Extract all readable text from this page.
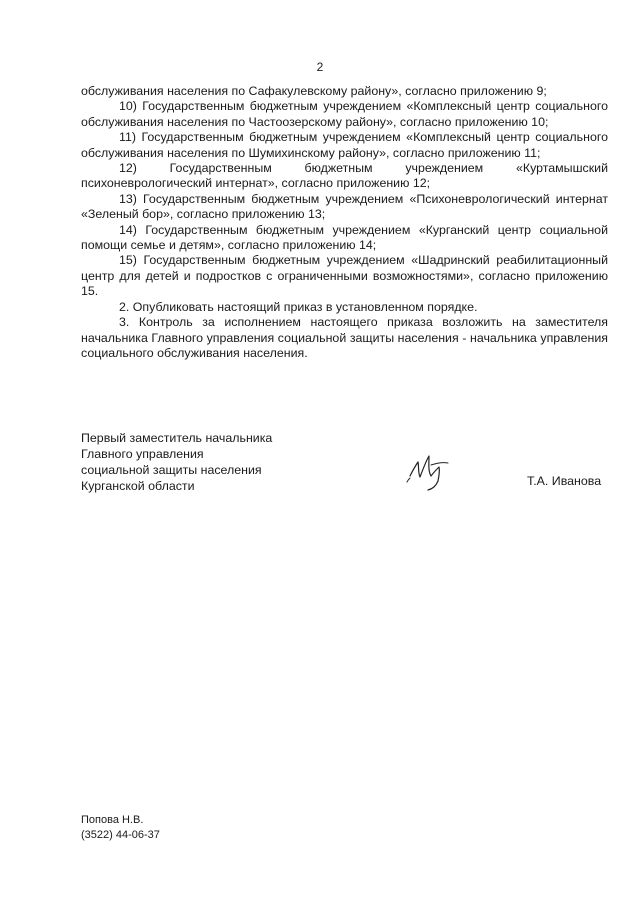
2

обслуживания населения по Сафакулевскому району», согласно приложению 9;

10) Государственным бюджетным учреждением «Комплексный центр социального обслуживания населения по Частоозерскому району», согласно приложению 10;

11) Государственным бюджетным учреждением «Комплексный центр социального обслуживания населения по Шумихинскому району», согласно приложению 11;

12) Государственным бюджетным учреждением «Куртамышский психоневрологический интернат», согласно приложению 12;

13) Государственным бюджетным учреждением «Психоневрологический интернат «Зеленый бор», согласно приложению 13;

14) Государственным бюджетным учреждением «Курганский центр социальной помощи семье и детям», согласно приложению 14;

15) Государственным бюджетным учреждением «Шадринский реабилитационный центр для детей и подростков с ограниченными возможностями», согласно приложению 15.

2. Опубликовать настоящий приказ в установленном порядке.

3. Контроль за исполнением настоящего приказа возложить на заместителя начальника Главного управления социальной защиты населения - начальника управления социального обслуживания населения.

Первый заместитель начальника
Главного управления
социальной защиты населения
Курганской области	Т.А. Иванова
Попова Н.В.
(3522) 44-06-37
